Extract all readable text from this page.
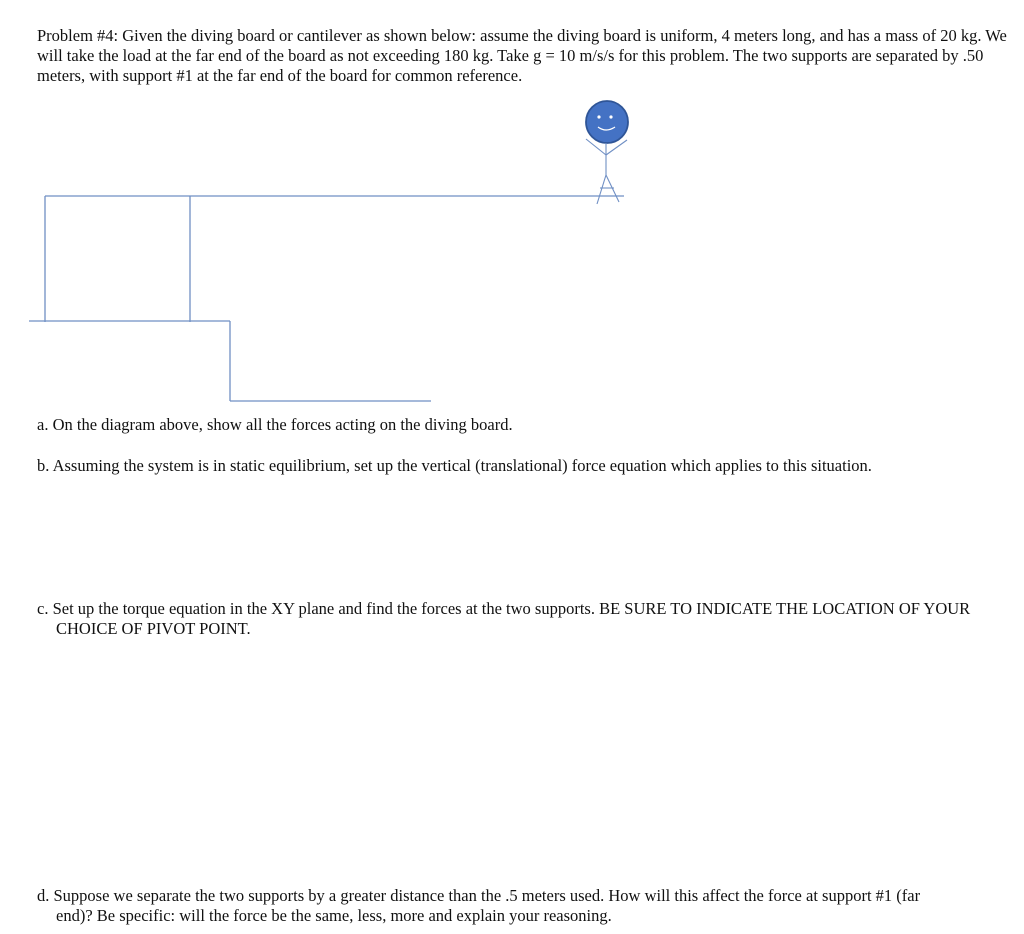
Problem #4: Given the diving board or cantilever as shown below: assume the diving board is uniform, 4 meters long, and has a mass of 20 kg. We will take the load at the far end of the board as not exceeding 180 kg. Take g = 10 m/s/s for this problem. The two supports are separated by .50 meters, with support #1 at the far end of the board for common reference.

a. On the diagram above, show all the forces acting on the diving board.

b. Assuming the system is in static equilibrium, set up the vertical (translational) force equation which applies to this situation.

c. Set up the torque equation in the XY plane and find the forces at the two supports. BE SURE TO INDICATE THE LOCATION OF YOUR CHOICE OF PIVOT POINT.

d. Suppose we separate the two supports by a greater distance than the .5 meters used. How will this affect the force at support #1 (far end)? Be specific: will the force be the same, less, more and explain your reasoning.
